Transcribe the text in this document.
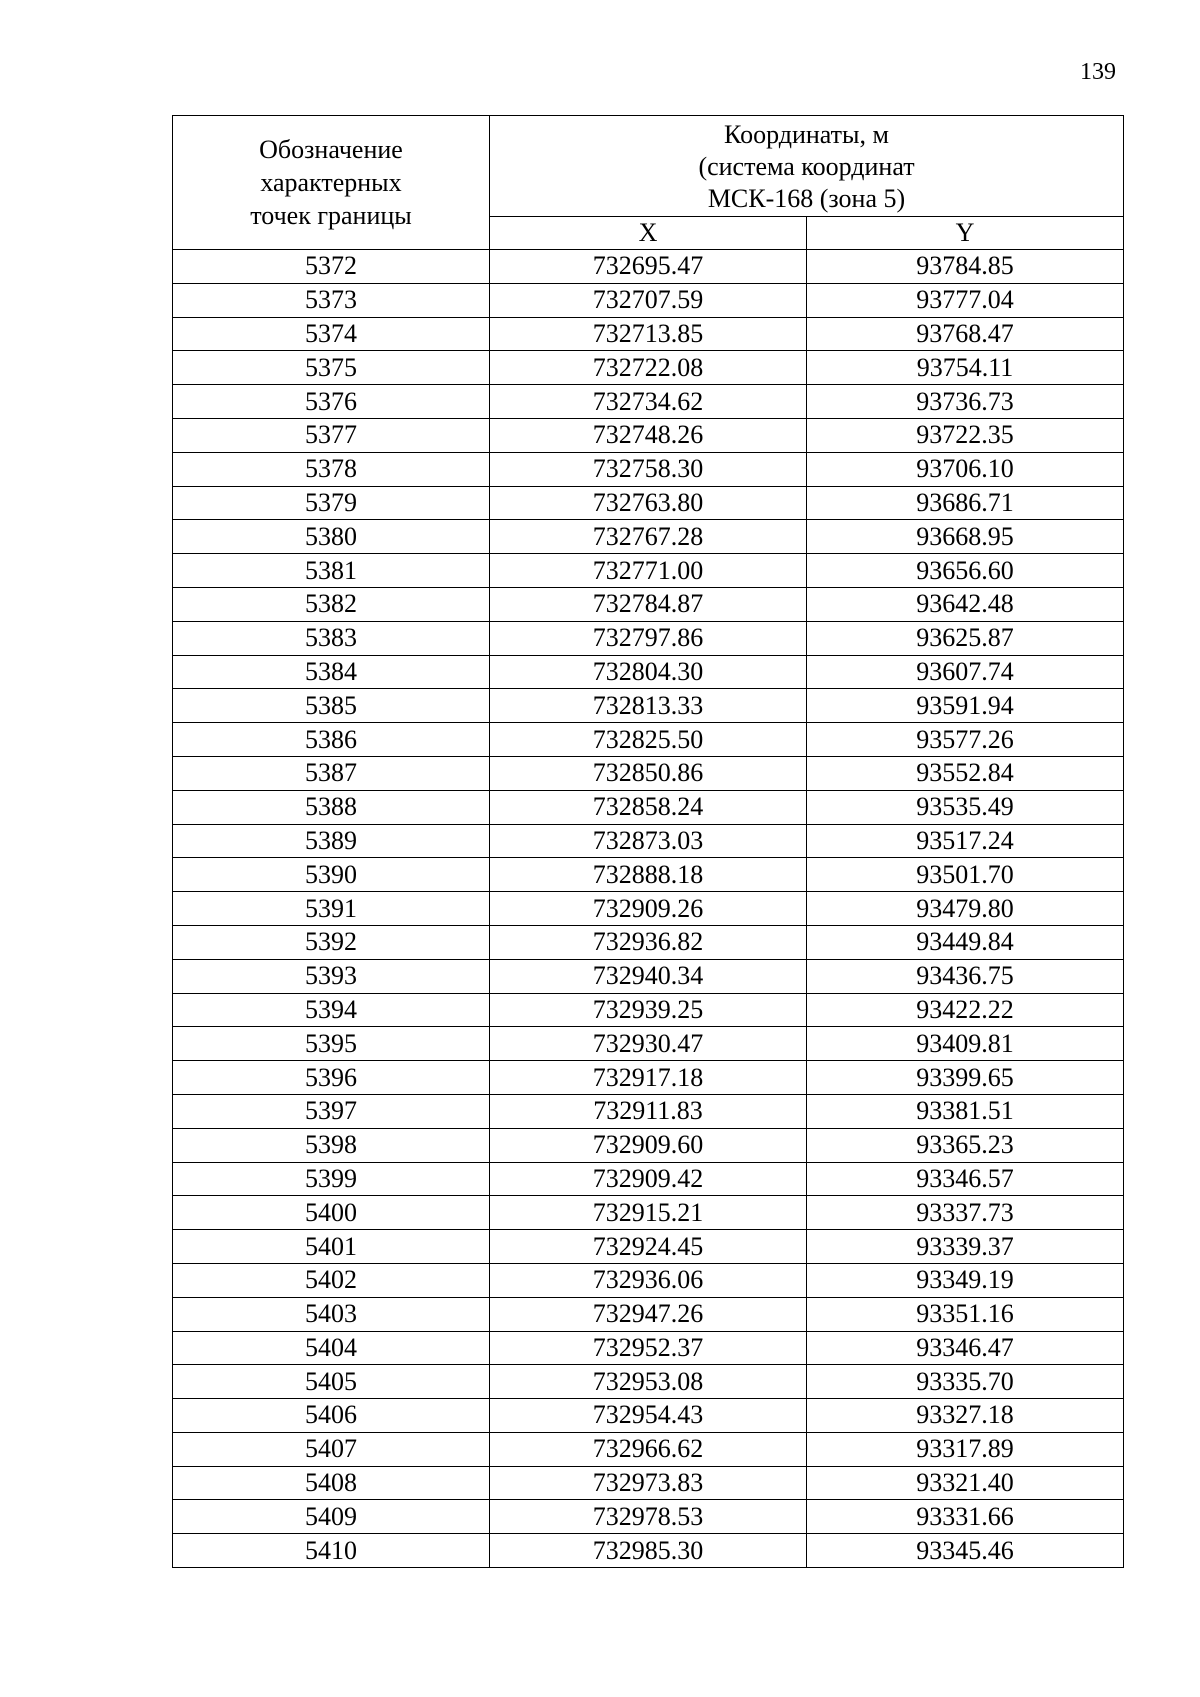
139
Обозначение
характерных
точек границы	Координаты, м
(система координат
МСК-168 (зона 5)	

	X	Y
5372	732695.47	93784.85
5373	732707.59	93777.04
5374	732713.85	93768.47
5375	732722.08	93754.11
5376	732734.62	93736.73
5377	732748.26	93722.35
5378	732758.30	93706.10
5379	732763.80	93686.71
5380	732767.28	93668.95
5381	732771.00	93656.60
5382	732784.87	93642.48
5383	732797.86	93625.87
5384	732804.30	93607.74
5385	732813.33	93591.94
5386	732825.50	93577.26
5387	732850.86	93552.84
5388	732858.24	93535.49
5389	732873.03	93517.24
5390	732888.18	93501.70
5391	732909.26	93479.80
5392	732936.82	93449.84
5393	732940.34	93436.75
5394	732939.25	93422.22
5395	732930.47	93409.81
5396	732917.18	93399.65
5397	732911.83	93381.51
5398	732909.60	93365.23
5399	732909.42	93346.57
5400	732915.21	93337.73
5401	732924.45	93339.37
5402	732936.06	93349.19
5403	732947.26	93351.16
5404	732952.37	93346.47
5405	732953.08	93335.70
5406	732954.43	93327.18
5407	732966.62	93317.89
5408	732973.83	93321.40
5409	732978.53	93331.66
5410	732985.30	93345.46
